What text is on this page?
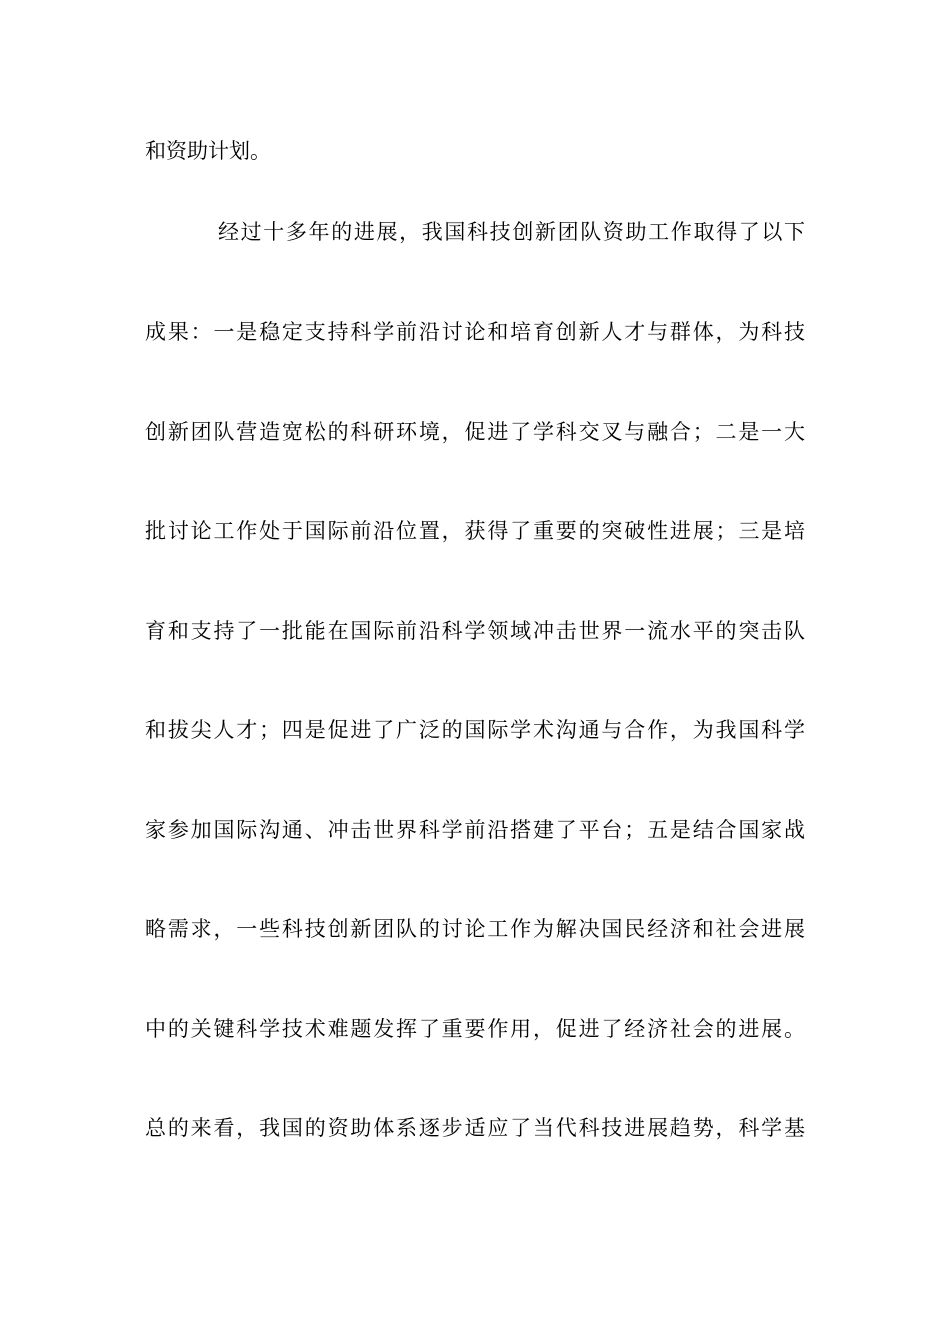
和资助计划。
经过十多年的进展，我国科技创新团队资助工作取得了以下
成果：一是稳定支持科学前沿讨论和培育创新人才与群体，为科技
创新团队营造宽松的科研环境，促进了学科交叉与融合；二是一大
批讨论工作处于国际前沿位置，获得了重要的突破性进展；三是培
育和支持了一批能在国际前沿科学领域冲击世界一流水平的突击队
和拔尖人才；四是促进了广泛的国际学术沟通与合作，为我国科学
家参加国际沟通、冲击世界科学前沿搭建了平台；五是结合国家战
略需求，一些科技创新团队的讨论工作为解决国民经济和社会进展
中的关键科学技术难题发挥了重要作用，促进了经济社会的进展。
总的来看，我国的资助体系逐步适应了当代科技进展趋势，科学基
